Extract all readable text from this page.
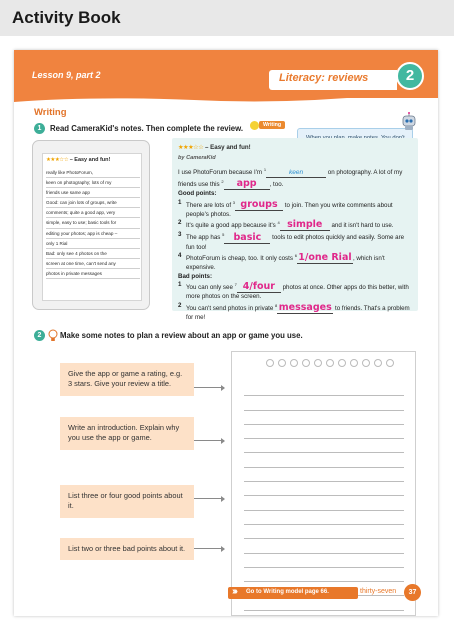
Activity Book
Lesson 9, part 2	Literacy: reviews	2
Writing
1	Read CameraKid's notes. Then complete the review.
★★★☆☆ – Easy and fun!
really like PhotoForum,
keen on photography; lots of my
friends use same app
Good: can join lots of groups, write
comments; quite a good app, very
simple, easy to use; basic tools for
editing your photos; app is cheap –
only 1 Rial
Bad: only see 4 photos on the
screen at one time, can't send any
photos in private messages
Writing
★★★☆☆ – Easy and fun!
by CameraKid

I use PhotoForum because I'm $^1$	keen	on photography. A lot of my friends use this $^2$ app , too.

Good points:

1 There are lots of $^3$ groups to join. Then you write comments about people's photos.

2 It's quite a good app because it's $^4$ simple and it isn't hard to use.

3 The app has $^5$ basic tools to edit photos quickly and easily. Some are fun too!

4 PhotoForum is cheap, too. It only costs $^6$1/one Rial, which isn't expensive.

Bad points:

1 You can only see $^7$ 4/four photos at once. Other apps do this better, with more photos on the screen.

2 You can't send photos in private $^8$ messages to friends. That's a problem for me!

2	Make some notes to plan a review about an app or game you use.
Give the app or game a rating, e.g. 3 stars. Give your review a title.
Write an introduction. Explain why you use the app or game.
List three or four good points about it.
List two or three bad points about it.
››› Go to Writing model page 66.	thirty-seven	37
